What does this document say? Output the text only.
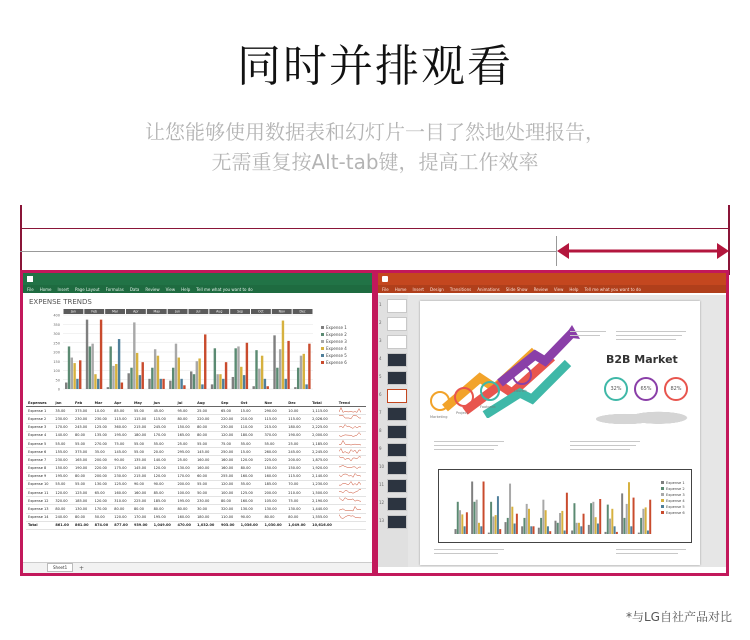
同时并排观看
让您能够使用数据表和幻灯片一目了然地处理报告，
无需重复按Alt-tab键，提高工作效率
File Home Insert Page Layout Formulas Data Review View Help Tell me what you want to do
EXPENSE TRENDS
0
50
100
150
200
250
300
350
400
Jan	Feb	Mar	Apr	May	Jun	Jul	Aug	Sep	Oct	Nov	Dec
Expense 1
Expense 2
Expense 3
Expense 4
Expense 5
Expense 6
Expenses	Jan	Feb	Mar	Apr	May	Jun	Jul	Aug	Sep	Oct	Nov	Dec	Total	Trend
Expense 1	35.00	375.00	10.00	85.00	55.00	45.00	95.00	25.00	65.00	15.00	290.00	10.00	1,115.00	
Expense 2	230.00	230.00	230.00	115.00	115.00	115.00	80.00	220.00	220.00	210.00	115.00	115.00	2,026.00	
Expense 3	170.00	245.00	125.00	360.00	215.00	245.00	150.00	80.00	230.00	110.00	215.00	180.00	2,225.00	
Expense 4	140.00	80.00	135.00	195.00	180.00	170.00	165.00	80.00	120.00	180.00	370.00	190.00	2,000.00	
Expense 5	55.00	55.00	270.00	75.00	55.00	55.00	25.00	55.00	75.00	55.00	55.00	25.00	1,185.00	
Expense 6	155.00	375.00	35.00	145.00	55.00	20.00	295.00	145.00	250.00	15.00	260.00	245.00	2,245.00	
Expense 7	230.00	165.00	200.00	90.00	135.00	140.00	25.00	160.00	160.00	120.00	225.00	200.00	1,875.00	
Expense 8	150.00	190.00	220.00	175.00	145.00	120.00	130.00	160.00	160.00	80.00	150.00	150.00	1,920.00	
Expense 9	195.00	80.00	200.00	230.00	215.00	120.00	170.00	60.00	255.00	160.00	160.00	115.00	2,140.00	
Expense 10	55.00	55.00	130.00	125.00	90.00	90.00	200.00	55.00	120.00	55.00	185.00	70.00	1,230.00	
Expense 11	120.00	125.00	65.00	160.00	160.00	85.00	100.00	50.00	100.00	125.00	200.00	210.00	1,500.00	
Expense 12	320.00	185.00	120.00	310.00	225.00	185.00	195.00	230.00	80.00	160.00	105.00	75.00	2,190.00	
Expense 13	80.00	130.00	170.00	80.00	80.00	80.00	80.00	30.00	320.00	130.00	130.00	130.00	1,440.00	
Expense 14	240.00	80.00	50.00	120.00	170.00	195.00	160.00	180.00	110.00	90.00	80.00	80.00	1,555.00	
Total	861.00	861.00	874.00	877.00	939.00	1,049.00	470.00	1,032.00	903.00	1,036.00	1,030.00	1,049.00	10,616.00	
Sheet1	+
File Home Insert Design Transitions Animations Slide Show Review View Help Tell me what you want to do
1
2
3
4
5
6
7
8
9
10
11
12
13
Marketing
Project
Footprint
Launch
B2B Market
32%	65%	82%
Expense 1
Expense 2
Expense 3
Expense 4
Expense 5
Expense 6
*与LG自社产品对比
